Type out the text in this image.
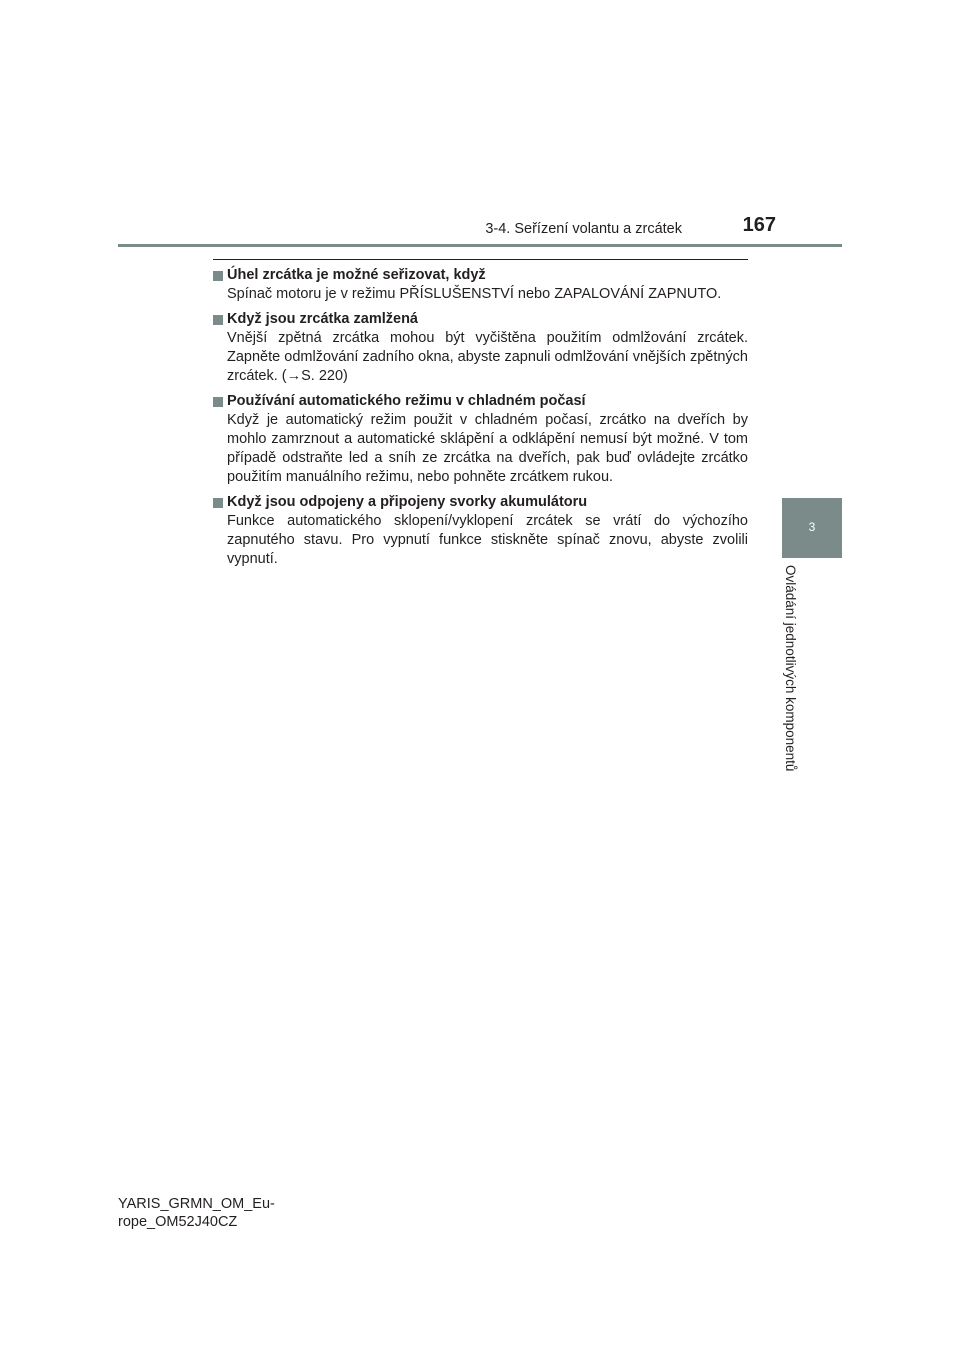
3-4. Seřízení volantu a zrcátek	167
3
Ovládání jednotlivých komponentů
Úhel zrcátka je možné seřizovat, když
Spínač motoru je v režimu PŘÍSLUŠENSTVÍ nebo ZAPALOVÁNÍ ZAPNUTO.
Když jsou zrcátka zamlžená
Vnější zpětná zrcátka mohou být vyčištěna použitím odmlžování zrcátek. Zapněte odmlžování zadního okna, abyste zapnuli odmlžování vnějších zpětných zrcátek. (→S. 220)
Používání automatického režimu v chladném počasí
Když je automatický režim použit v chladném počasí, zrcátko na dveřích by mohlo zamrznout a automatické sklápění a odklápění nemusí být možné. V tom případě odstraňte led a sníh ze zrcátka na dveřích, pak buď ovládejte zrcátko použitím manuálního režimu, nebo pohněte zrcátkem rukou.
Když jsou odpojeny a připojeny svorky akumulátoru
Funkce automatického sklopení/vyklopení zrcátek se vrátí do výchozího zapnutého stavu. Pro vypnutí funkce stiskněte spínač znovu, abyste zvolili vypnutí.
YARIS_GRMN_OM_Eu-
rope_OM52J40CZ
